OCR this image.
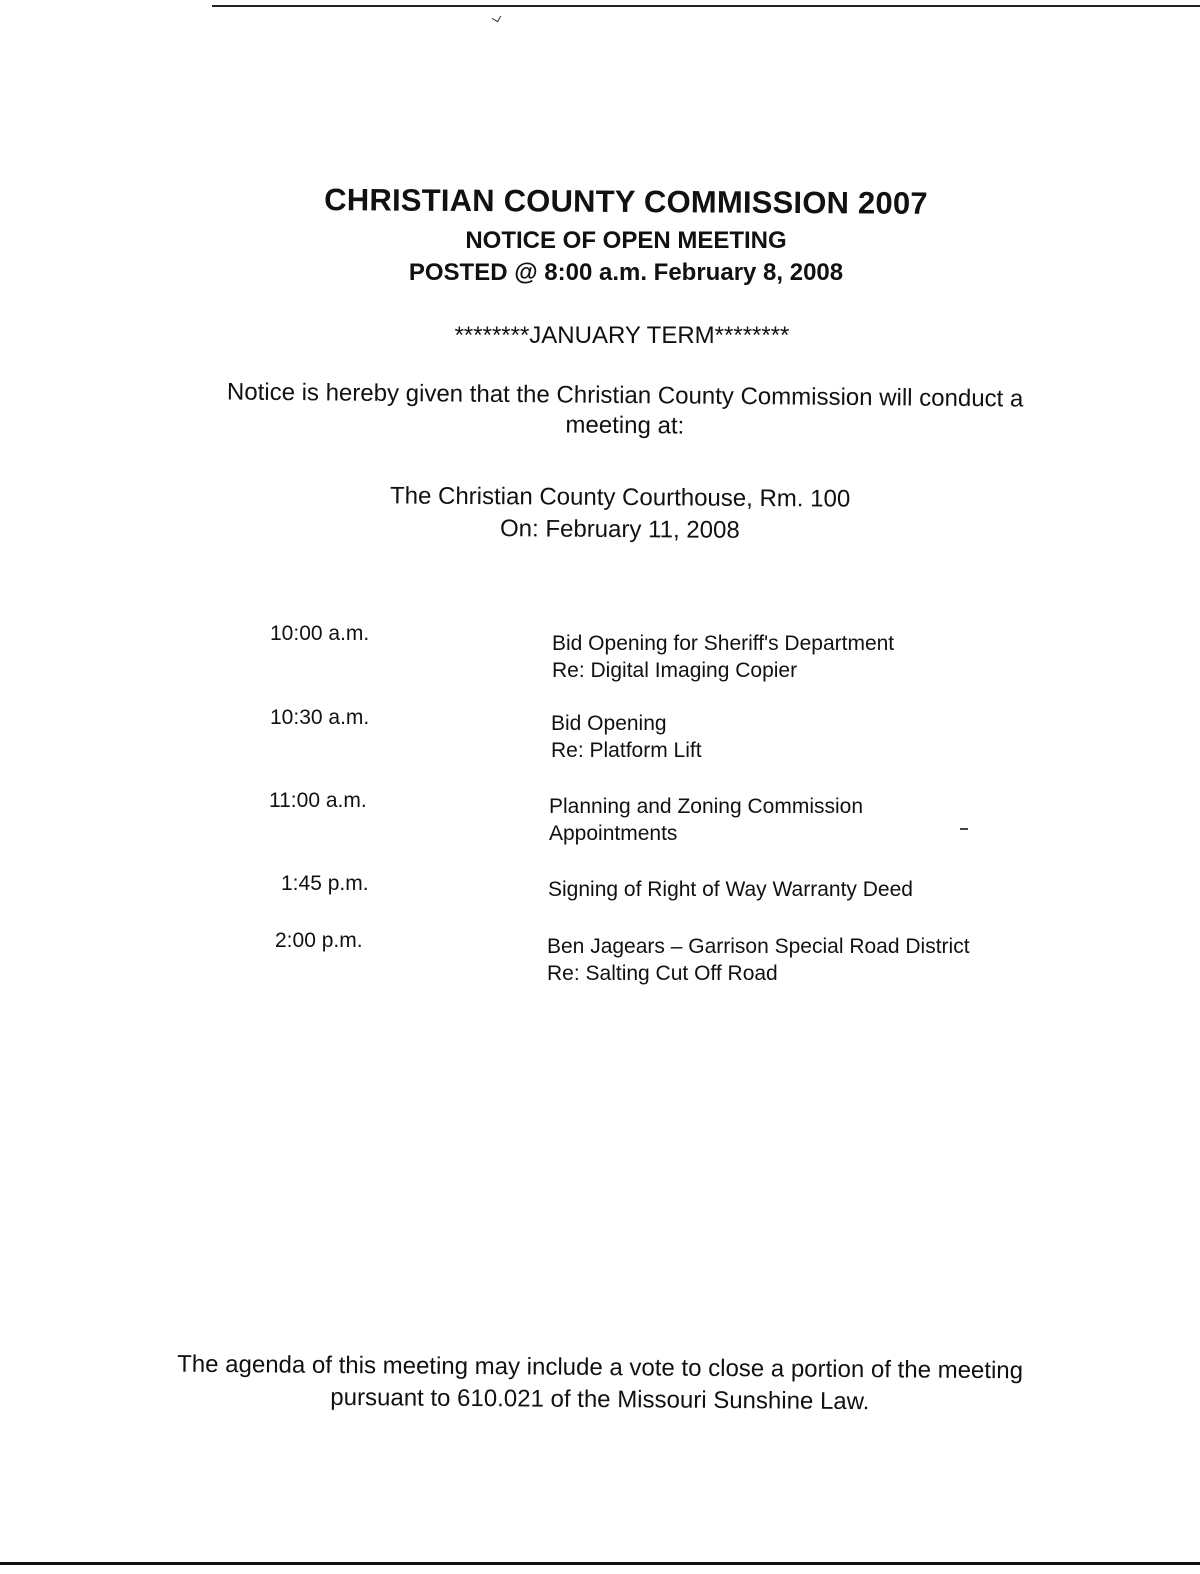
CHRISTIAN COUNTY COMMISSION 2007
NOTICE OF OPEN MEETING
POSTED @ 8:00 a.m. February 8, 2008
********JANUARY TERM********
Notice is hereby given that the Christian County Commission will conduct a
meeting at:
The Christian County Courthouse, Rm. 100
On: February 11, 2008
10:00 a.m.	Bid Opening for Sheriff's Department
Re: Digital Imaging Copier
10:30 a.m.	Bid Opening
Re: Platform Lift
11:00 a.m.	Planning and Zoning Commission
Appointments
1:45 p.m.	Signing of Right of Way Warranty Deed
2:00 p.m.	Ben Jagears – Garrison Special Road District
Re: Salting Cut Off Road
The agenda of this meeting may include a vote to close a portion of the meeting
pursuant to 610.021 of the Missouri Sunshine Law.
